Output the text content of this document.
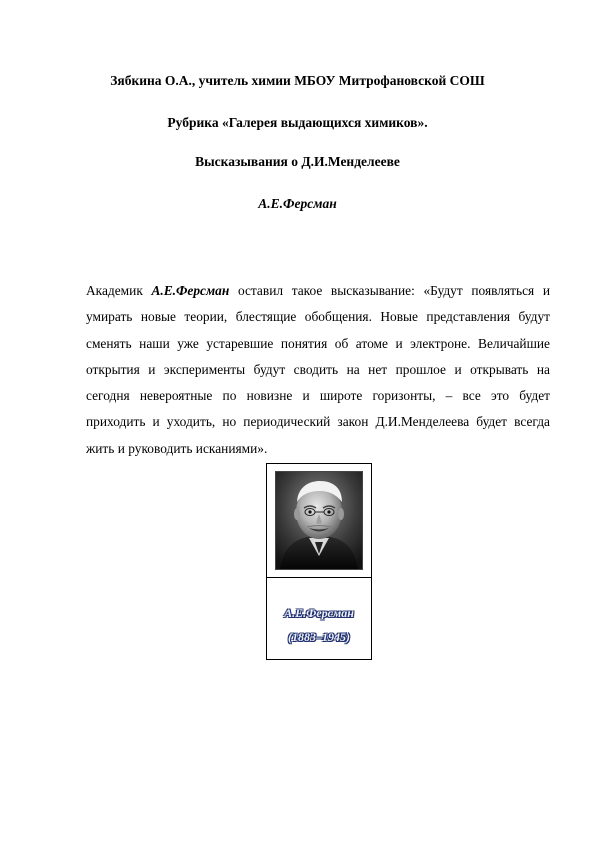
Зябкина О.А., учитель химии МБОУ Митрофановской СОШ
Рубрика «Галерея выдающихся химиков».
Высказывания о Д.И.Менделееве
А.Е.Ферсман
Академик А.Е.Ферсман оставил такое высказывание: «Будут появляться и
умирать новые теории, блестящие обобщения. Новые представления будут
сменять наши уже устаревшие понятия об атоме и электроне. Величайшие
открытия и эксперименты будут сводить на нет прошлое и открывать на
сегодня невероятные по новизне и широте горизонты, – все это будет
приходить и уходить, но периодический закон Д.И.Менделеева будет всегда
жить и руководить исканиями».
А.Е.Ферсман
(1883–1945)
